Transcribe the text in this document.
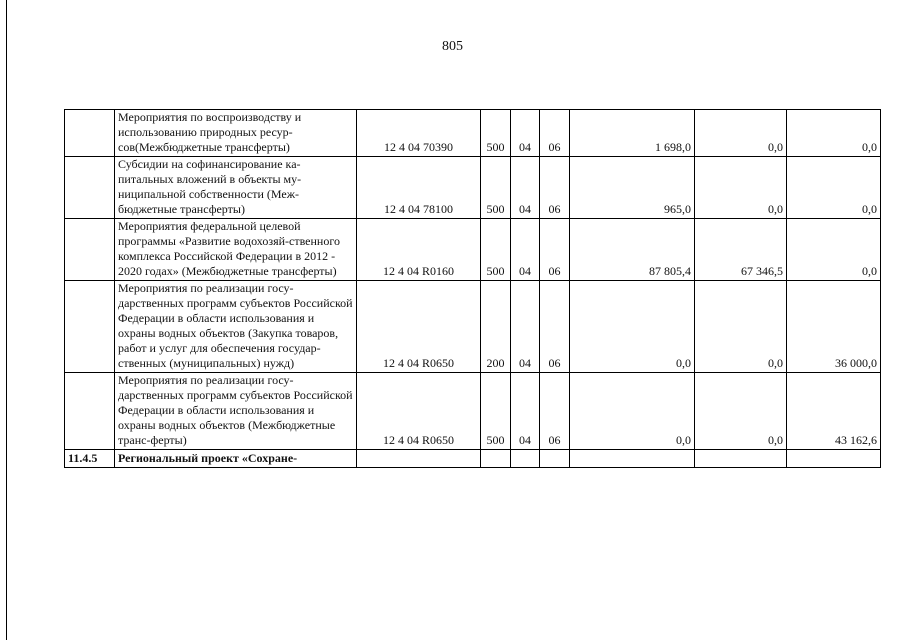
805
	Мероприятия по воспроизводству и использованию природных ресур-сов(Межбюджетные трансферты)	12 4 04 70390	500	04	06	1 698,0	0,0	0,0
	Субсидии на софинансирование ка-питальных вложений в объекты му-ниципальной собственности (Меж-бюджетные трансферты)	12 4 04 78100	500	04	06	965,0	0,0	0,0
	Мероприятия федеральной целевой программы «Развитие водохозяй-ственного комплекса Российской Федерации в 2012 - 2020 годах» (Межбюджетные трансферты)	12 4 04 R0160	500	04	06	87 805,4	67 346,5	0,0
	Мероприятия по реализации госу-дарственных программ субъектов Российской Федерации в области использования и охраны водных объектов (Закупка товаров, работ и услуг для обеспечения государ-ственных (муниципальных) нужд)	12 4 04 R0650	200	04	06	0,0	0,0	36 000,0
	Мероприятия по реализации госу-дарственных программ субъектов Российской Федерации в области использования и охраны водных объектов (Межбюджетные транс-ферты)	12 4 04 R0650	500	04	06	0,0	0,0	43 162,6
11.4.5	Региональный проект «Сохране-							
